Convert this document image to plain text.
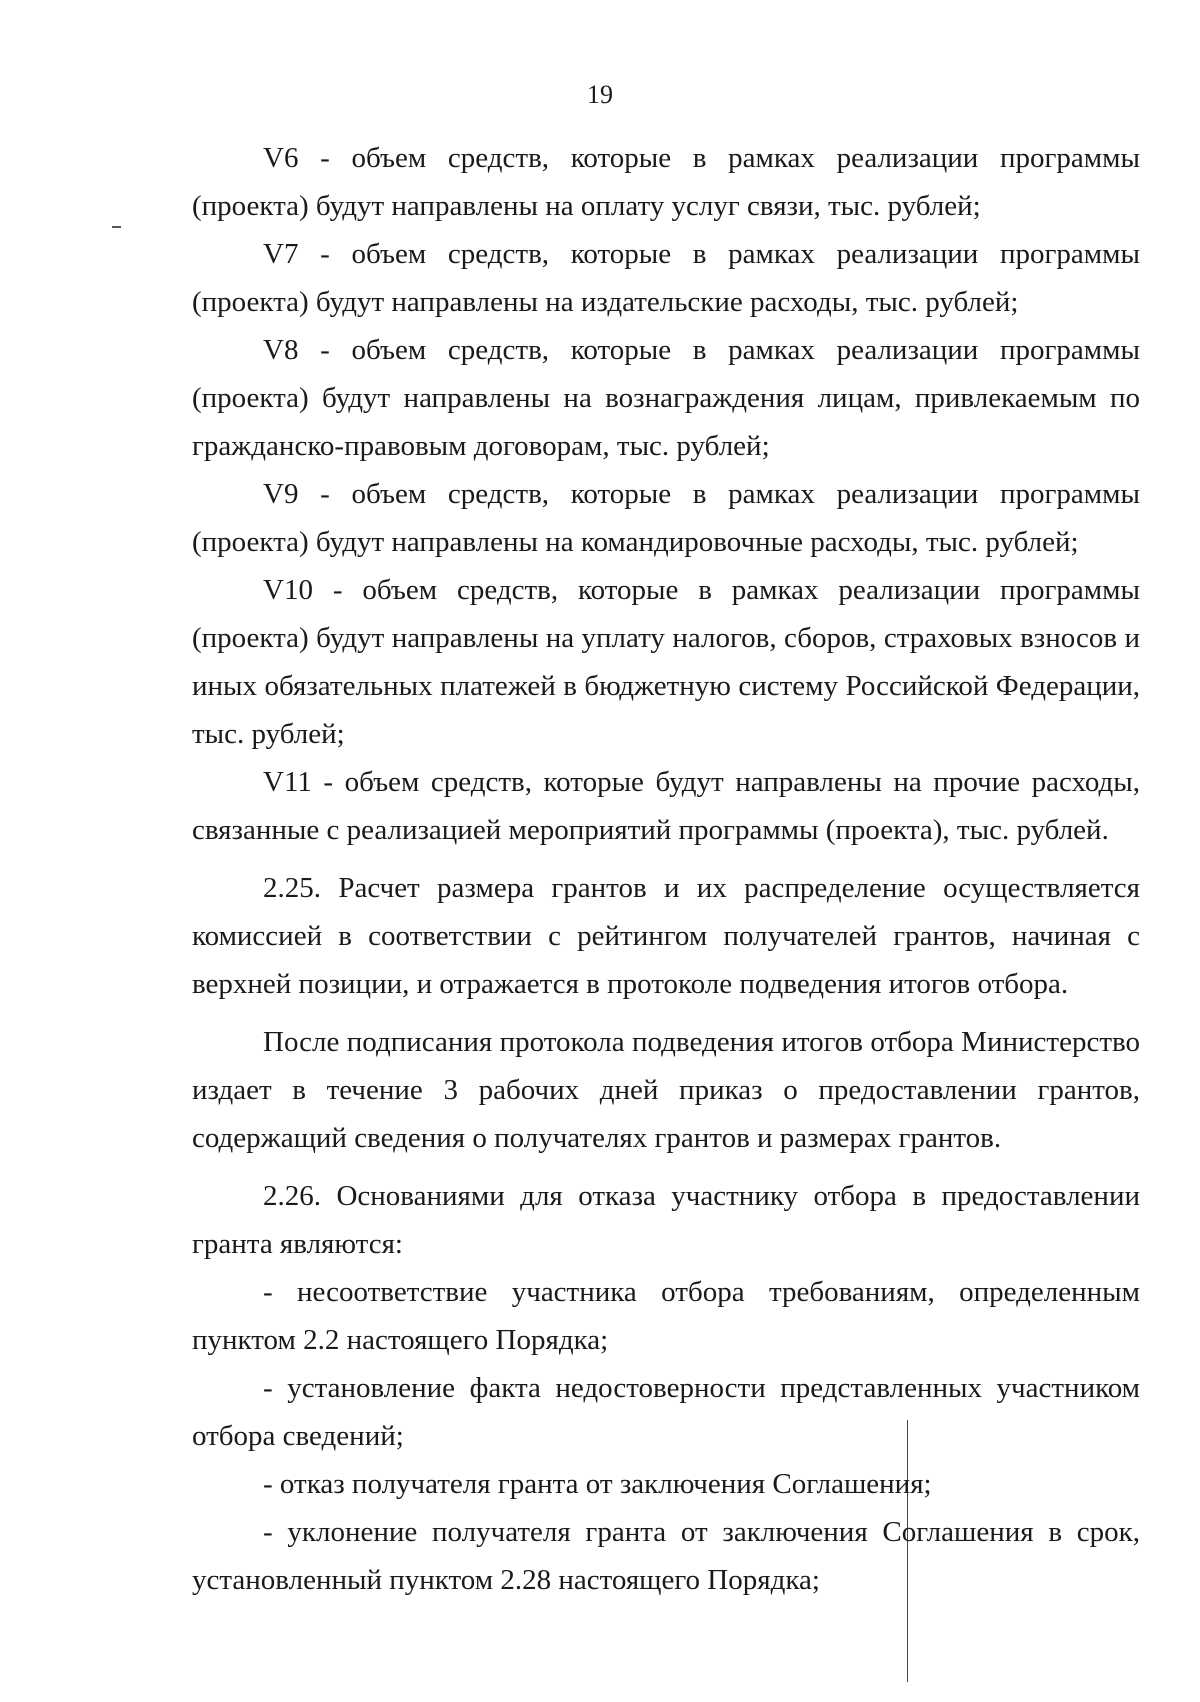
19

V6 - объем средств, которые в рамках реализации программы (проекта) будут направлены на оплату услуг связи, тыс. рублей;

V7 - объем средств, которые в рамках реализации программы (проекта) будут направлены на издательские расходы, тыс. рублей;

V8 - объем средств, которые в рамках реализации программы (проекта) будут направлены на вознаграждения лицам, привлекаемым по гражданско-правовым договорам, тыс. рублей;

V9 - объем средств, которые в рамках реализации программы (проекта) будут направлены на командировочные расходы, тыс. рублей;

V10 - объем средств, которые в рамках реализации программы (проекта) будут направлены на уплату налогов, сборов, страховых взносов и иных обязательных платежей в бюджетную систему Российской Федерации, тыс. рублей;

V11 - объем средств, которые будут направлены на прочие расходы, связанные с реализацией мероприятий программы (проекта), тыс. рублей.

2.25. Расчет размера грантов и их распределение осуществляется комиссией в соответствии с рейтингом получателей грантов, начиная с верхней позиции, и отражается в протоколе подведения итогов отбора.

После подписания протокола подведения итогов отбора Министерство издает в течение 3 рабочих дней приказ о предоставлении грантов, содержащий сведения о получателях грантов и размерах грантов.

2.26. Основаниями для отказа участнику отбора в предоставлении гранта являются:

- несоответствие участника отбора требованиям, определенным пунктом 2.2 настоящего Порядка;

- установление факта недостоверности представленных участником отбора сведений;

- отказ получателя гранта от заключения Соглашения;

- уклонение получателя гранта от заключения Соглашения в срок, установленный пунктом 2.28 настоящего Порядка;
